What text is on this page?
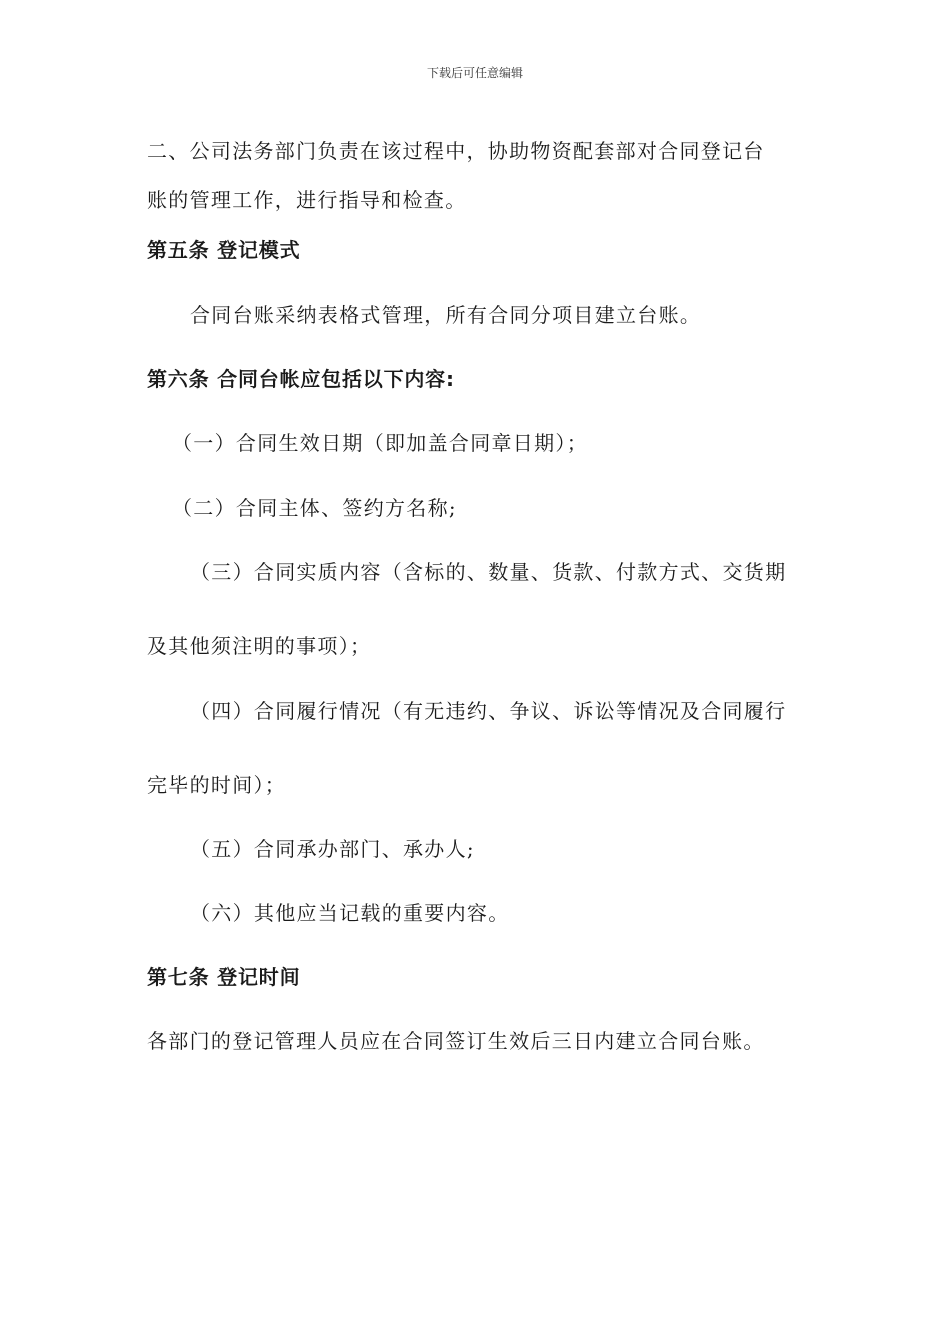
下载后可任意编辑
二、公司法务部门负责在该过程中，协助物资配套部对合同登记台
账的管理工作，进行指导和检查。
第五条 登记模式
合同台账采纳表格式管理，所有合同分项目建立台账。
第六条 合同台帐应包括以下内容:
（一）合同生效日期（即加盖合同章日期）；
（二）合同主体、签约方名称;
（三）合同实质内容（含标的、数量、货款、付款方式、交货期
及其他须注明的事项）；
（四）合同履行情况（有无违约、争议、诉讼等情况及合同履行
完毕的时间）；
（五）合同承办部门、承办人;
（六）其他应当记载的重要内容。
第七条 登记时间
各部门的登记管理人员应在合同签订生效后三日内建立合同台账。
